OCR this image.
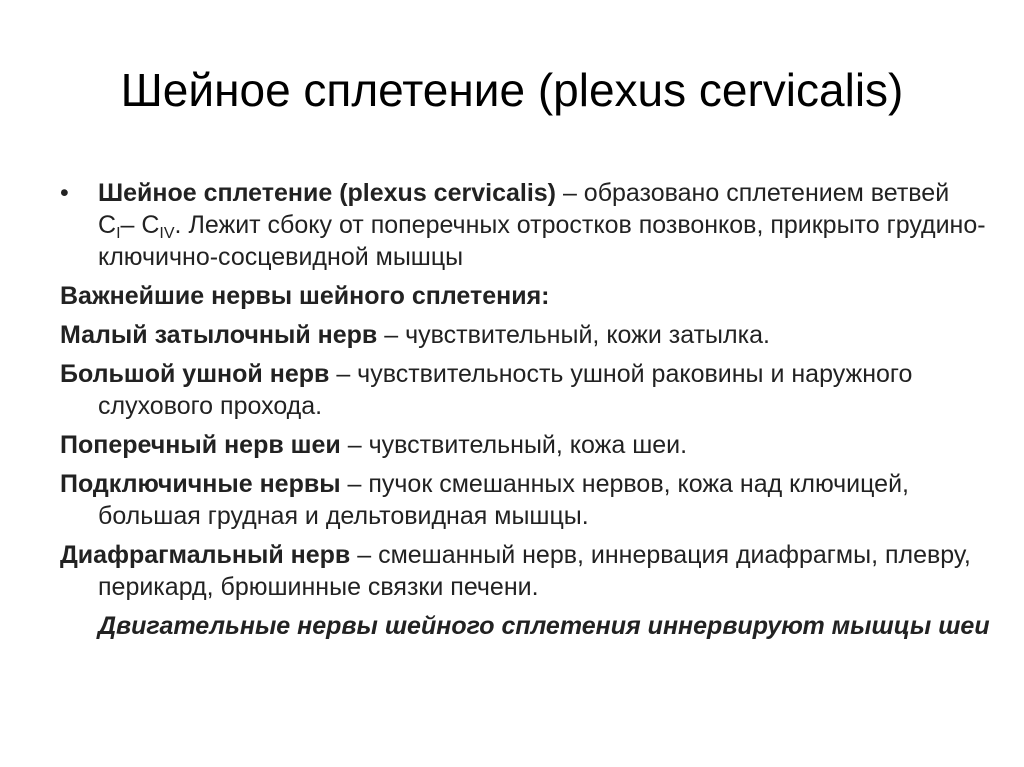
Шейное сплетение (plexus cervicalis)

•	Шейное сплетение (plexus cervicalis) – образовано сплетением ветвей $С_I-$ $С_{IV}$. Лежит сбоку от поперечных отростков позвонков, прикрыто грудино-ключично-сосцевидной мышцы

Важнейшие нервы шейного сплетения:

Малый затылочный нерв – чувствительный, кожи затылка.

Большой ушной нерв – чувствительность ушной раковины и наружного слухового прохода.

Поперечный нерв шеи – чувствительный, кожа шеи.

Подключичные нервы – пучок смешанных нервов, кожа над ключицей, большая грудная и дельтовидная мышцы.

Диафрагмальный нерв – смешанный нерв, иннервация диафрагмы, плевру, перикард, брюшинные связки печени.

Двигательные нервы шейного сплетения иннервируют мышцы шеи
